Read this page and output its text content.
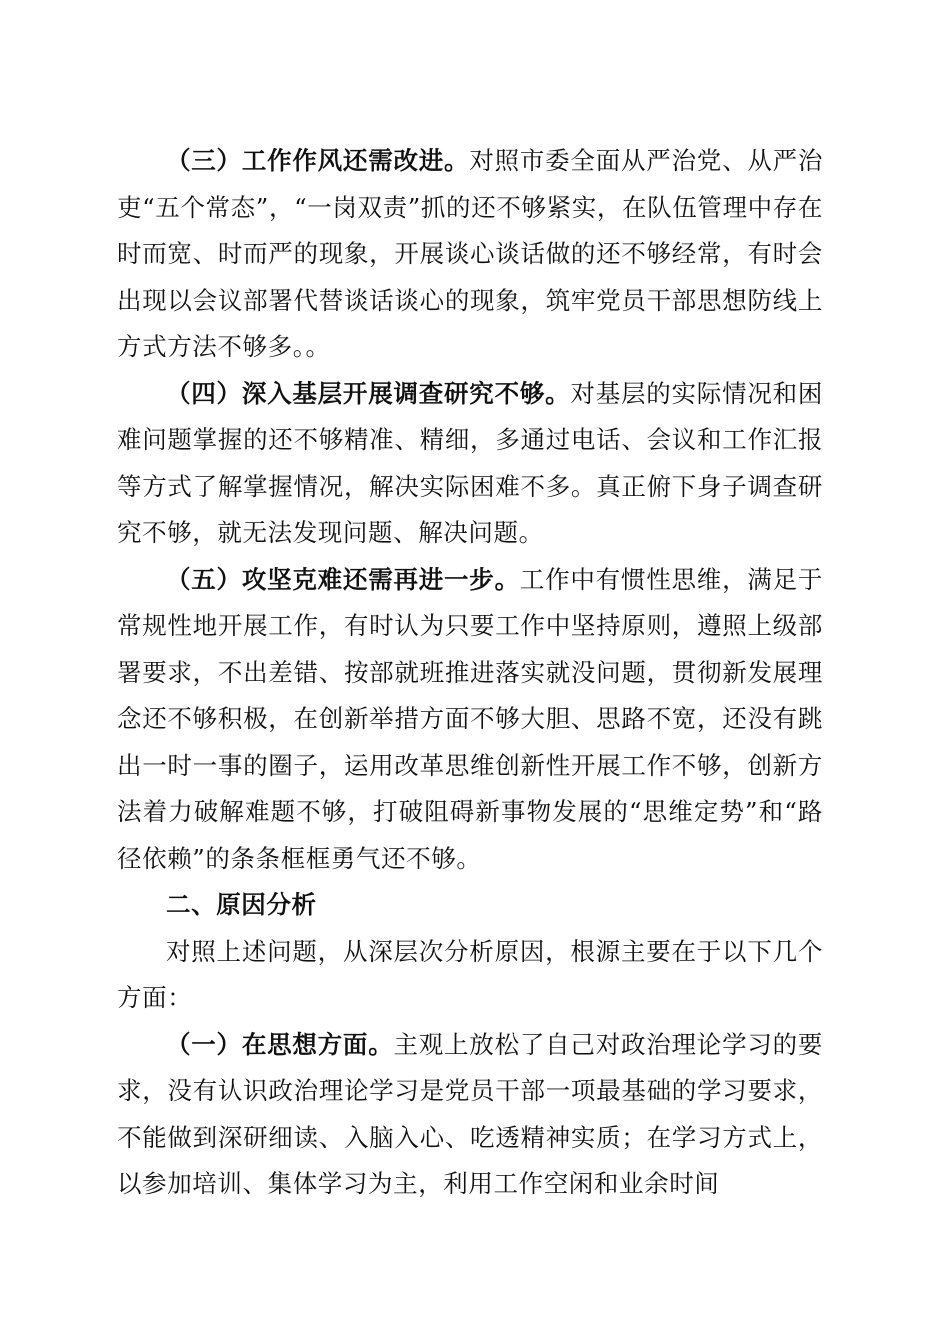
（三）工作作风还需改进。对照市委全面从严治党、从严治吏“五个常态”，“一岗双责”抓的还不够紧实，在队伍管理中存在时而宽、时而严的现象，开展谈心谈话做的还不够经常，有时会出现以会议部署代替谈话谈心的现象，筑牢党员干部思想防线上方式方法不够多。。

（四）深入基层开展调查研究不够。对基层的实际情况和困难问题掌握的还不够精准、精细，多通过电话、会议和工作汇报等方式了解掌握情况，解决实际困难不多。真正俯下身子调查研究不够，就无法发现问题、解决问题。

（五）攻坚克难还需再进一步。工作中有惯性思维，满足于常规性地开展工作，有时认为只要工作中坚持原则，遵照上级部署要求，不出差错、按部就班推进落实就没问题，贯彻新发展理念还不够积极，在创新举措方面不够大胆、思路不宽，还没有跳出一时一事的圈子，运用改革思维创新性开展工作不够，创新方法着力破解难题不够，打破阻碍新事物发展的“思维定势”和“路径依赖”的条条框框勇气还不够。

二、原因分析

对照上述问题，从深层次分析原因，根源主要在于以下几个方面：

（一）在思想方面。主观上放松了自己对政治理论学习的要求，没有认识政治理论学习是党员干部一项最基础的学习要求，不能做到深研细读、入脑入心、吃透精神实质；在学习方式上，以参加培训、集体学习为主，利用工作空闲和业余时间
